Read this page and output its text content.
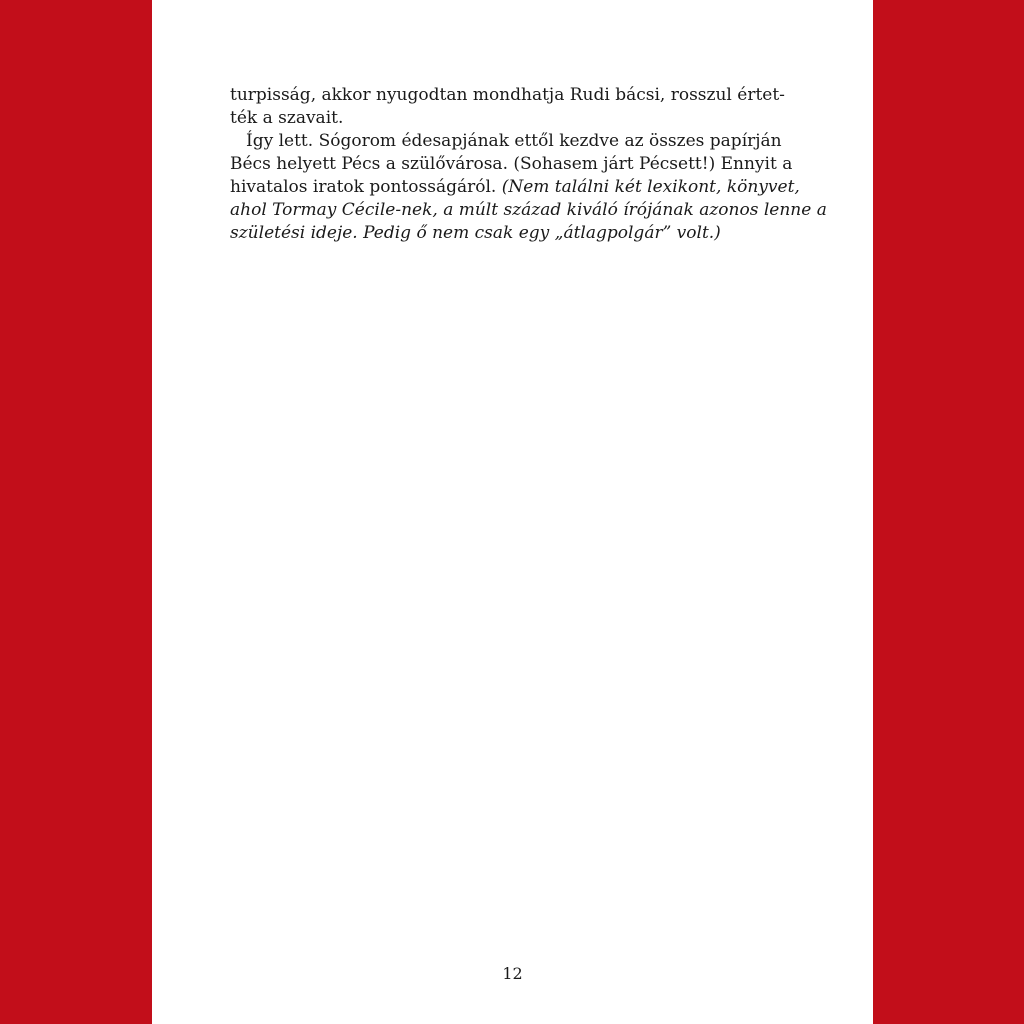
turpisság, akkor nyugodtan mondhatja Rudi bácsi, rosszul értet-
ték a szavait.

Így lett. Sógorom édesapjának ettől kezdve az összes papírján
Bécs helyett Pécs a szülővárosa. (Sohasem járt Pécsett!) Ennyit a
hivatalos iratok pontosságáról. (Nem találni két lexikont, könyvet,
ahol Tormay Cécile-nek, a múlt század kiváló írójának azonos lenne a
születési ideje. Pedig ő nem csak egy „átlagpolgár” volt.)

12
